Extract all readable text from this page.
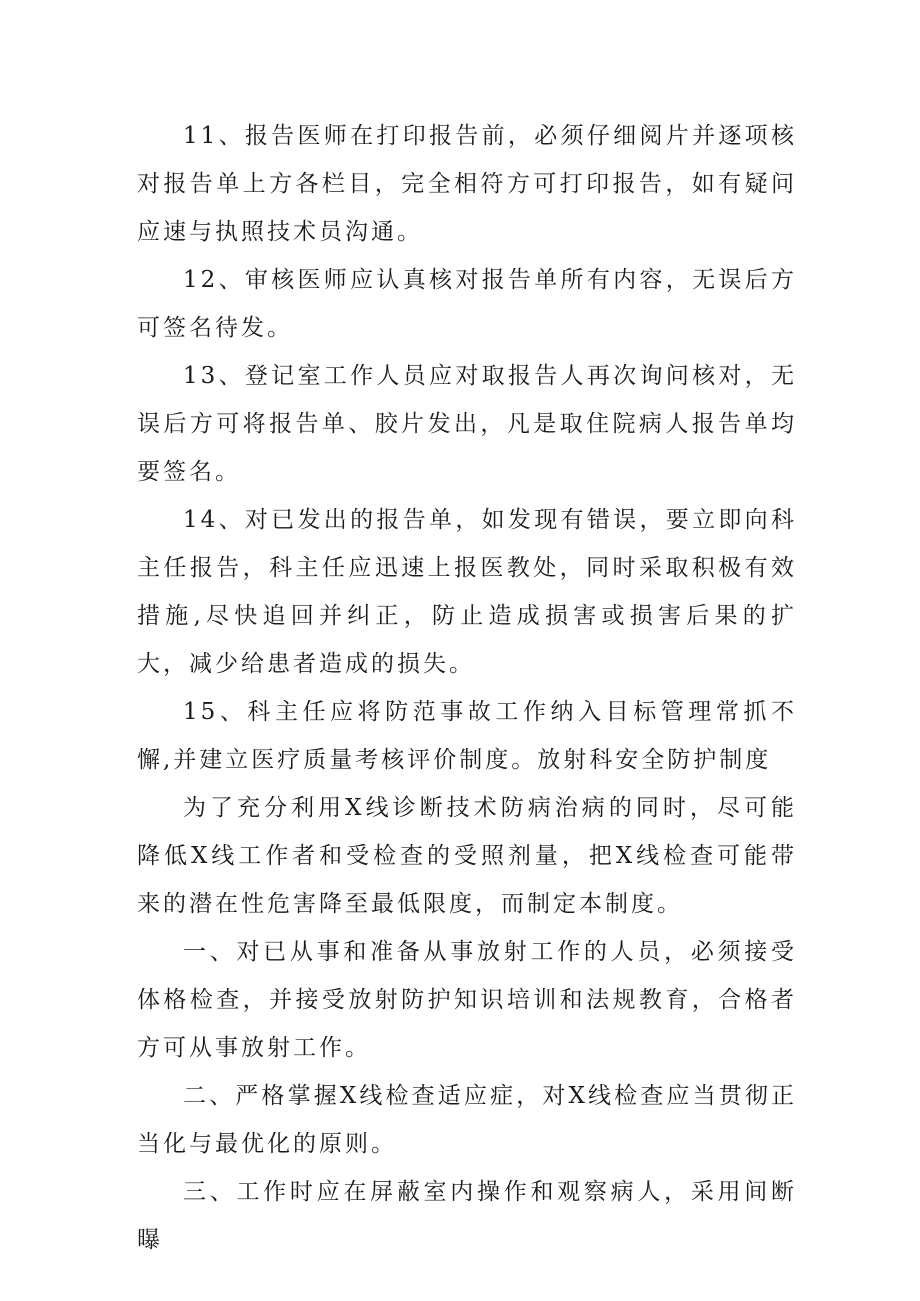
11、报告医师在打印报告前，必须仔细阅片并逐项核对报告单上方各栏目，完全相符方可打印报告，如有疑问应速与执照技术员沟通。

12、审核医师应认真核对报告单所有内容，无误后方可签名待发。

13、登记室工作人员应对取报告人再次询问核对，无误后方可将报告单、胶片发出，凡是取住院病人报告单均要签名。

14、对已发出的报告单，如发现有错误，要立即向科主任报告，科主任应迅速上报医教处，同时采取积极有效措施,尽快追回并纠正，防止造成损害或损害后果的扩大，减少给患者造成的损失。

15、科主任应将防范事故工作纳入目标管理常抓不懈,并建立医疗质量考核评价制度。放射科安全防护制度

为了充分利用X线诊断技术防病治病的同时，尽可能降低X线工作者和受检查的受照剂量，把X线检查可能带来的潜在性危害降至最低限度，而制定本制度。

一、对已从事和准备从事放射工作的人员，必须接受体格检查，并接受放射防护知识培训和法规教育，合格者方可从事放射工作。

二、严格掌握X线检查适应症，对X线检查应当贯彻正当化与最优化的原则。

三、工作时应在屏蔽室内操作和观察病人，采用间断曝
